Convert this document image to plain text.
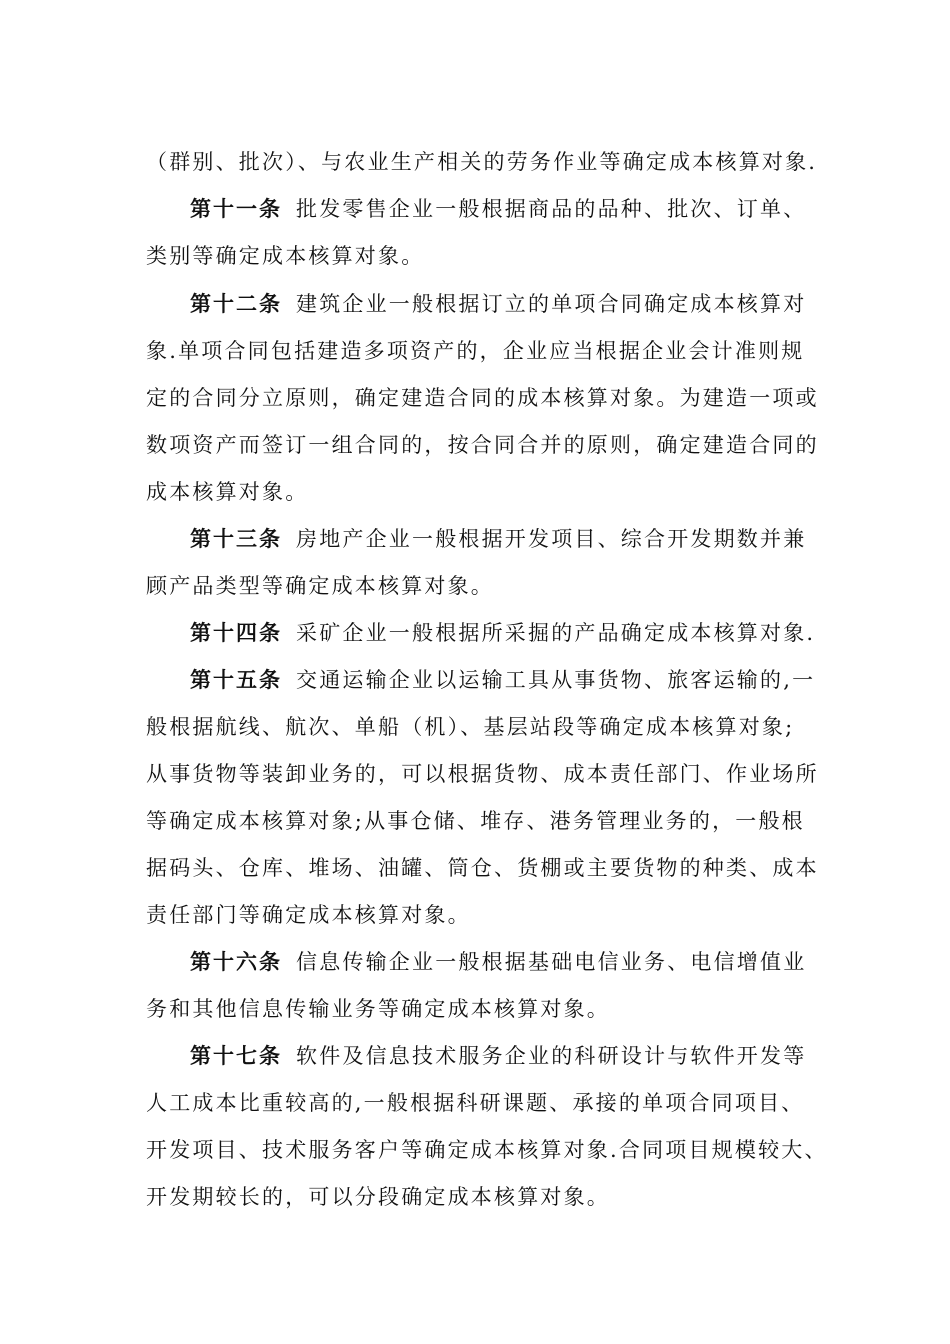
（群别、批次）、与农业生产相关的劳务作业等确定成本核算对象.
第十一条 批发零售企业一般根据商品的品种、批次、订单、
类别等确定成本核算对象。
第十二条 建筑企业一般根据订立的单项合同确定成本核算对
象.单项合同包括建造多项资产的，企业应当根据企业会计准则规
定的合同分立原则，确定建造合同的成本核算对象。为建造一项或
数项资产而签订一组合同的，按合同合并的原则，确定建造合同的
成本核算对象。
第十三条 房地产企业一般根据开发项目、综合开发期数并兼
顾产品类型等确定成本核算对象。
第十四条 采矿企业一般根据所采掘的产品确定成本核算对象.
第十五条 交通运输企业以运输工具从事货物、旅客运输的,一
般根据航线、航次、单船（机）、基层站段等确定成本核算对象;
从事货物等装卸业务的，可以根据货物、成本责任部门、作业场所
等确定成本核算对象;从事仓储、堆存、港务管理业务的，一般根
据码头、仓库、堆场、油罐、筒仓、货棚或主要货物的种类、成本
责任部门等确定成本核算对象。
第十六条 信息传输企业一般根据基础电信业务、电信增值业
务和其他信息传输业务等确定成本核算对象。
第十七条 软件及信息技术服务企业的科研设计与软件开发等
人工成本比重较高的,一般根据科研课题、承接的单项合同项目、
开发项目、技术服务客户等确定成本核算对象.合同项目规模较大、
开发期较长的，可以分段确定成本核算对象。
